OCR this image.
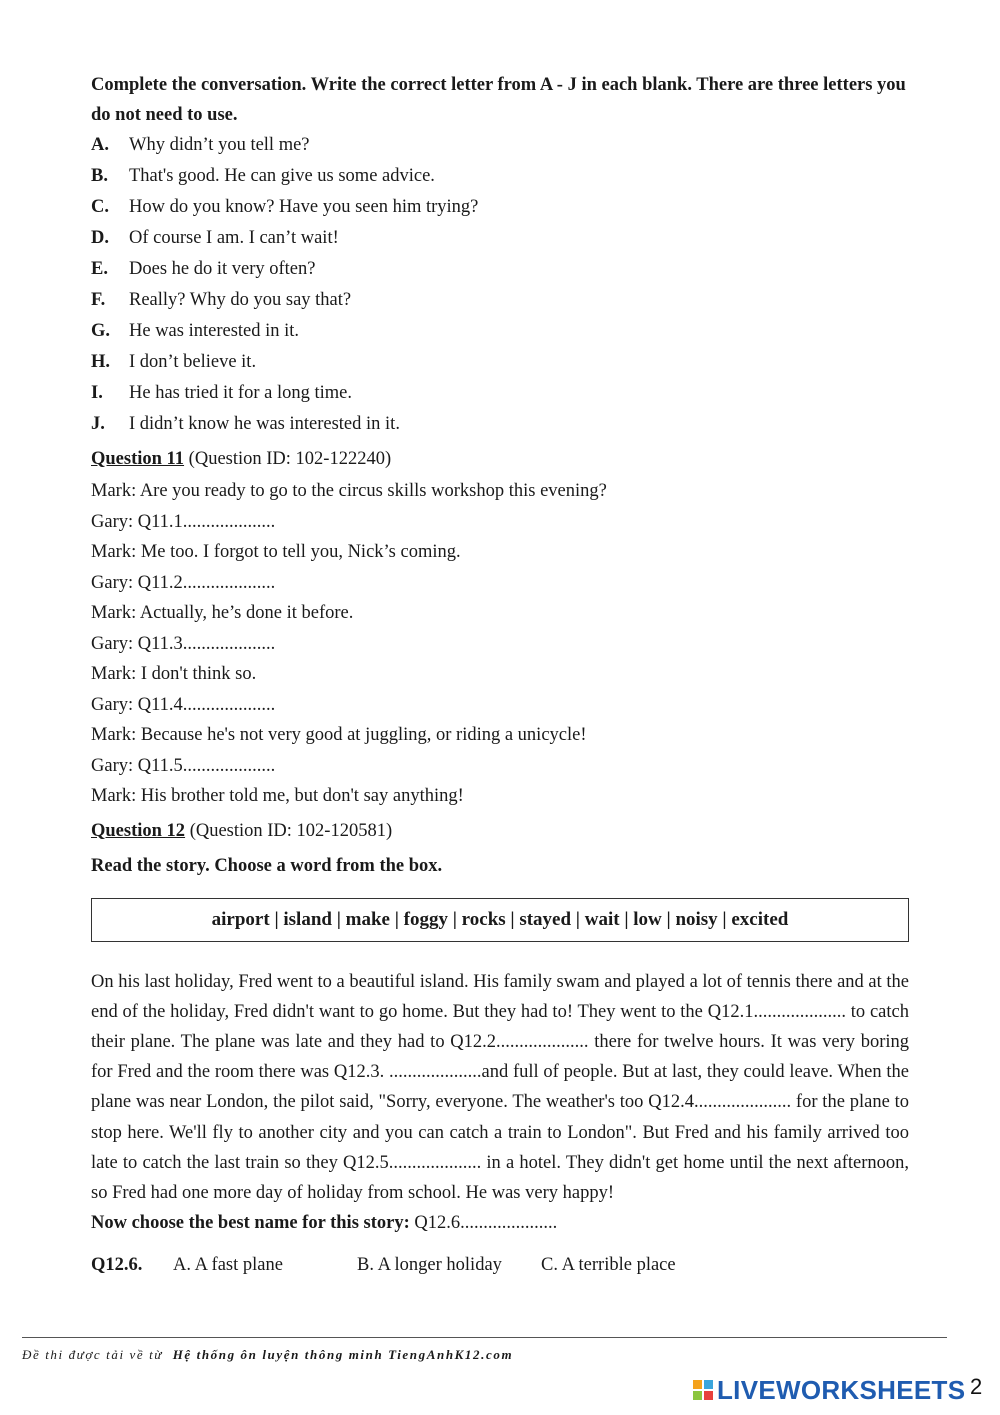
Complete the conversation. Write the correct letter from A - J in each blank. There are three letters you do not need to use.

A. Why didn’t you tell me?
B. That's good. He can give us some advice.
C. How do you know? Have you seen him trying?
D. Of course I am. I can’t wait!
E. Does he do it very often?
F. Really? Why do you say that?
G. He was interested in it.
H. I don’t believe it.
I. He has tried it for a long time.
J. I didn’t know he was interested in it.
Question 11 (Question ID: 102-122240)
Mark: Are you ready to go to the circus skills workshop this evening?
Gary: Q11.1....................
Mark: Me too. I forgot to tell you, Nick’s coming.
Gary: Q11.2....................
Mark: Actually, he’s done it before.
Gary: Q11.3....................
Mark: I don't think so.
Gary: Q11.4....................
Mark: Because he's not very good at juggling, or riding a unicycle!
Gary: Q11.5....................
Mark: His brother told me, but don't say anything!
Question 12 (Question ID: 102-120581)
Read the story. Choose a word from the box.
airport | island | make | foggy | rocks | stayed | wait | low | noisy | excited

On his last holiday, Fred went to a beautiful island. His family swam and played a lot of tennis there and at the end of the holiday, Fred didn't want to go home. But they had to! They went to the Q12.1.................... to catch their plane. The plane was late and they had to Q12.2.................... there for twelve hours. It was very boring for Fred and the room there was Q12.3. ....................and full of people. But at last, they could leave. When the plane was near London, the pilot said, "Sorry, everyone. The weather's too Q12.4..................... for the plane to stop here. We'll fly to another city and you can catch a train to London". But Fred and his family arrived too late to catch the last train so they Q12.5.................... in a hotel. They didn't get home until the next afternoon, so Fred had one more day of holiday from school. He was very happy!

Now choose the best name for this story: Q12.6.....................
Q12.6. A. A fast plane	B. A longer holiday C. A terrible place
Đề thi được tải về từ Hệ thống ôn luyện thông minh TiengAnhK12.com
LIVEWORKSHEETS 2
